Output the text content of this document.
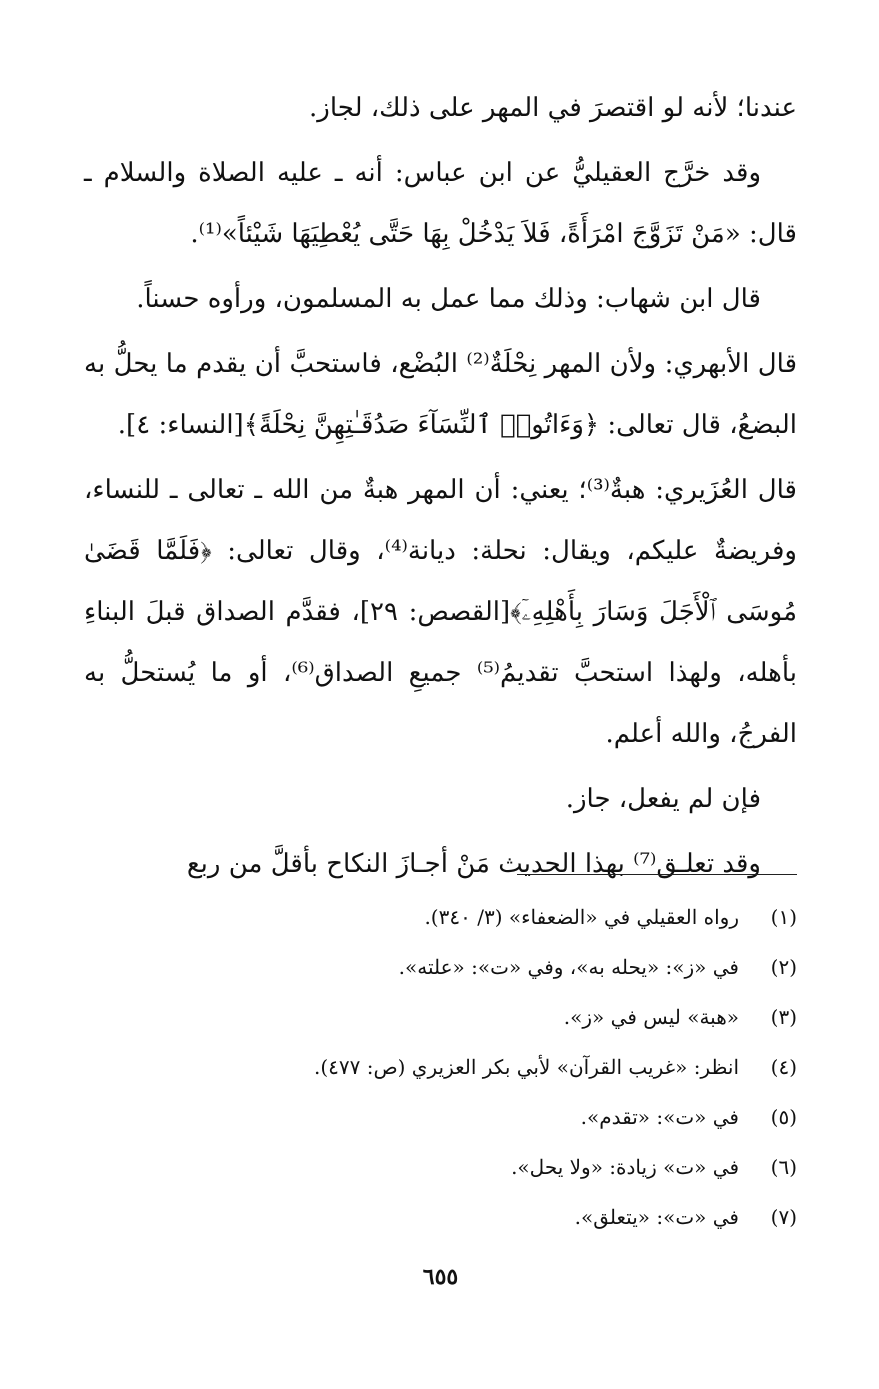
عندنا؛ لأنه لو اقتصرَ في المهر على ذلك، لجاز.

وقد خرَّج العقيليُّ عن ابن عباس: أنه ـ عليه الصلاة والسلام ـ قال: «مَنْ تَزَوَّجَ امْرَأَةً، فَلاَ يَدْخُلْ بِهَا حَتَّى يُعْطِيَهَا شَيْئاً»⁽¹⁾.

قال ابن شهاب: وذلك مما عمل به المسلمون، ورأوه حسناً.

قال الأبهري: ولأن المهر نِحْلَةٌ⁽²⁾ البُضْع، فاستحبَّ أن يقدم ما يحلُّ به البضعُ، قال تعالى: ﴿وَءَاتُوا۟ ٱلنِّسَآءَ صَدُقَـٰتِهِنَّ نِحْلَةً﴾[النساء: ٤].

قال العُزَيري: هبةٌ⁽³⁾؛ يعني: أن المهر هبةٌ من الله ـ تعالى ـ للنساء، وفريضةٌ عليكم، ويقال: نحلة: ديانة⁽⁴⁾، وقال تعالى: ﴿فَلَمَّا قَضَىٰ مُوسَى ٱلْأَجَلَ وَسَارَ بِأَهْلِهِۦٓ﴾[القصص: ٢٩]، فقدَّم الصداق قبلَ البناءِ بأهله، ولهذا استحبَّ تقديمُ⁽⁵⁾ جميعِ الصداق⁽⁶⁾، أو ما يُستحلُّ به الفرجُ، والله أعلم.

فإن لم يفعل، جاز.

وقد تعلـق⁽⁷⁾ بهذا الحديث مَنْ أجـازَ النكاح بأقلَّ من ربع

(١)
رواه العقيلي في «الضعفاء» (٣/ ٣٤٠).
(٢)
في «ز»: «يحله به»، وفي «ت»: «علته».
(٣)
«هبة» ليس في «ز».
(٤)
انظر: «غريب القرآن» لأبي بكر العزيري (ص: ٤٧٧).
(٥)
في «ت»: «تقدم».
(٦)
في «ت» زيادة: «ولا يحل».
(٧)
في «ت»: «يتعلق».
٦٥٥
